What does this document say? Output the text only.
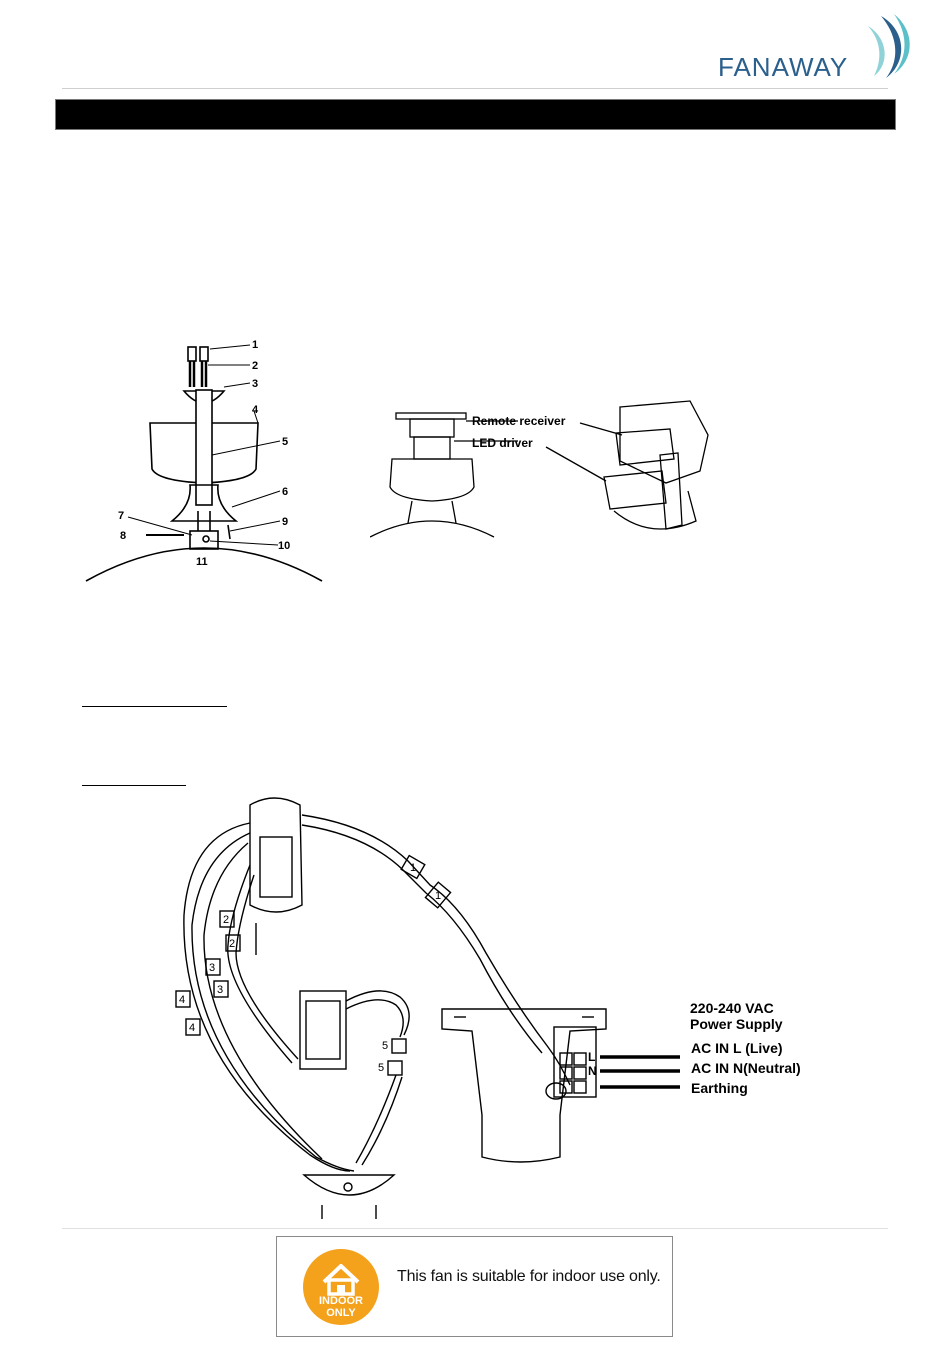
FANAWAY
1
2
3
4
5
6
7
8
9
10
11
Remote receiver
LED driver
1
1
2
2
3
3
4
4
5
5
L
N
220-240 VAC
Power Supply
AC IN L (Live)
AC IN N(Neutral)
Earthing
INDOOR
ONLY
This fan is suitable for indoor use only.
